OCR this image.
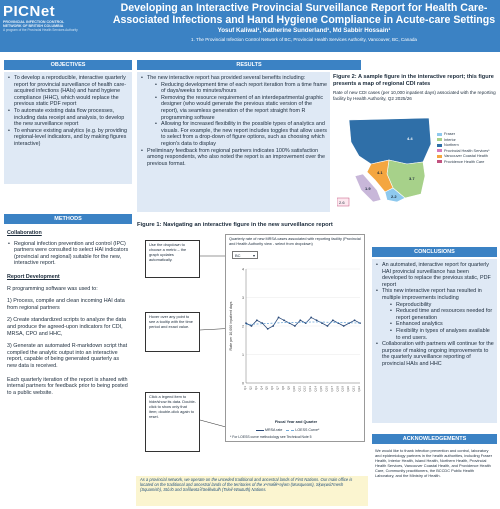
PICNet
PROVINCIAL INFECTION CONTROL
NETWORK OF BRITISH COLUMBIA
A program of the Provincial Health Services Authority
Developing an Interactive Provincial Surveillance Report for Health Care-Associated Infections and Hand Hygiene Compliance in Acute-care Settings
Yosuf Kaliwal¹, Katherine Sunderland¹, Md Sabbir Hossain¹
1. The Provincial Infection Control Network of BC, Provincial Health Services Authority, Vancouver, BC, Canada
OBJECTIVES
• To develop a reproducible, interactive quarterly report for provincial surveillance of health care-acquired infections (HAIs) and hand hygiene compliance (HHC), which would replace the previous static PDF report
• To automate existing data flow processes, including data receipt and analysis, to develop the new surveillance report
• To enhance existing analytics (e.g. by providing regional-level indicators, and by making figures interactive)
METHODS
Collaboration
• Regional infection prevention and control (IPC) partners were consulted to select HAI indicators (provincial and regional) suitable for the new, interactive report.
Report Development
R programming software was used to:
1) Process, compile and clean incoming HAI data from regional partners
2) Create standardized scripts to analyze the data and produce the agreed-upon indicators for CDI, MRSA, CPO and HHC,
3) Generate an automated R-markdown script that compiled the analytic output into an interactive report, capable of being generated quarterly as new data is received.
Each quarterly iteration of the report is shared with internal partners for feedback prior to being posted to a public website.
RESULTS
• The new interactive report has provided several benefits including:
• Reducing development time of each report iteration from a time frame of days/weeks to minutes/hours
• Removing the resource requirement of an interdepartmental graphic designer (who would generate the previous static version of the report), via seamless generation of the report straight from R programming software
• Allowing for increased flexibility in the possible types of analytics and visuals. For example, the new report includes toggles that allow users to select from a drop-down of figure options, such as choosing which region's data to display
• Preliminary feedback from regional partners indicates 100% satisfaction among respondents, who also noted the report is an improvement over the previous format.
Figure 2: A sample figure in the interactive report; this figure presents a map of regional CDI rates
Rate of new CDI cases (per 10,000 inpatient days) associated with the reporting facility by Health Authority, Q2 2025/26
4.4
3.7
4.1
2.2
1.9
2.6
Fraser
Interior
Northern
Provincial Health Services*
Vancouver Coastal Health
Providence Health Care
Figure 1: Navigating an interactive figure in the new surveillance report
Use the dropdown to choose a metric – the graph updates automatically.
Hover over any point to see a tooltip with the time period and exact value.
Click a legend item to hide/show its data. Double-click to show only that item; double-click again to reset.
Quarterly rate of new MRSA cases associated with reporting facility (Provincial and Health Authority view - select from dropdown)
BC	▾
0
1
2
3
4
Rate per 10,000 inpatient days
Q1 Q2 Q3 Q4 Q5 Q6 Q7 Q8 Q9 Q10 Q11 Q12 Q13 Q14 Q15 Q16 Q17 Q18 Q19 Q20 Q21 Q22
Fiscal Year and Quarter
MRSA rate	LOESS Curve*
* For LOESS curve methodology see Technical Note 5
As a provincial network, we operate on the unceded traditional and ancestral lands of First Nations. Our main office is located on the traditional and ancestral lands of the territories of the xʷməθkʷəy̓əm (Musqueam), Sḵwx̱wú7mesh (Squamish), Stó:lō and Səl̓ílwətaʔ/Selilwitulh (Tsleil-Waututh) Nations.
CONCLUSIONS
• An automated, interactive report for quarterly HAI provincial surveillance has been developed to replace the previous static, PDF report
• This new interactive report has resulted in multiple improvements including
• Reproducibility
• Reduced time and resources needed for report generation
• Enhanced analytics
• Flexibility in types of analyses available to end users.
• Collaboration with partners will continue for the purpose of making ongoing improvements to the quarterly surveillance reporting of provincial HAIs and HHC
ACKNOWLEDGEMENTS
We would like to thank infection prevention and control, laboratory and epidemiology partners in the health authorities, including Fraser Health, Interior Health, Island Health, Northern Health, Provincial Health Services, Vancouver Coastal Health, and Providence Health Care, Community practitioners, the BCCDC Public Health Laboratory, and the Ministry of Health.
